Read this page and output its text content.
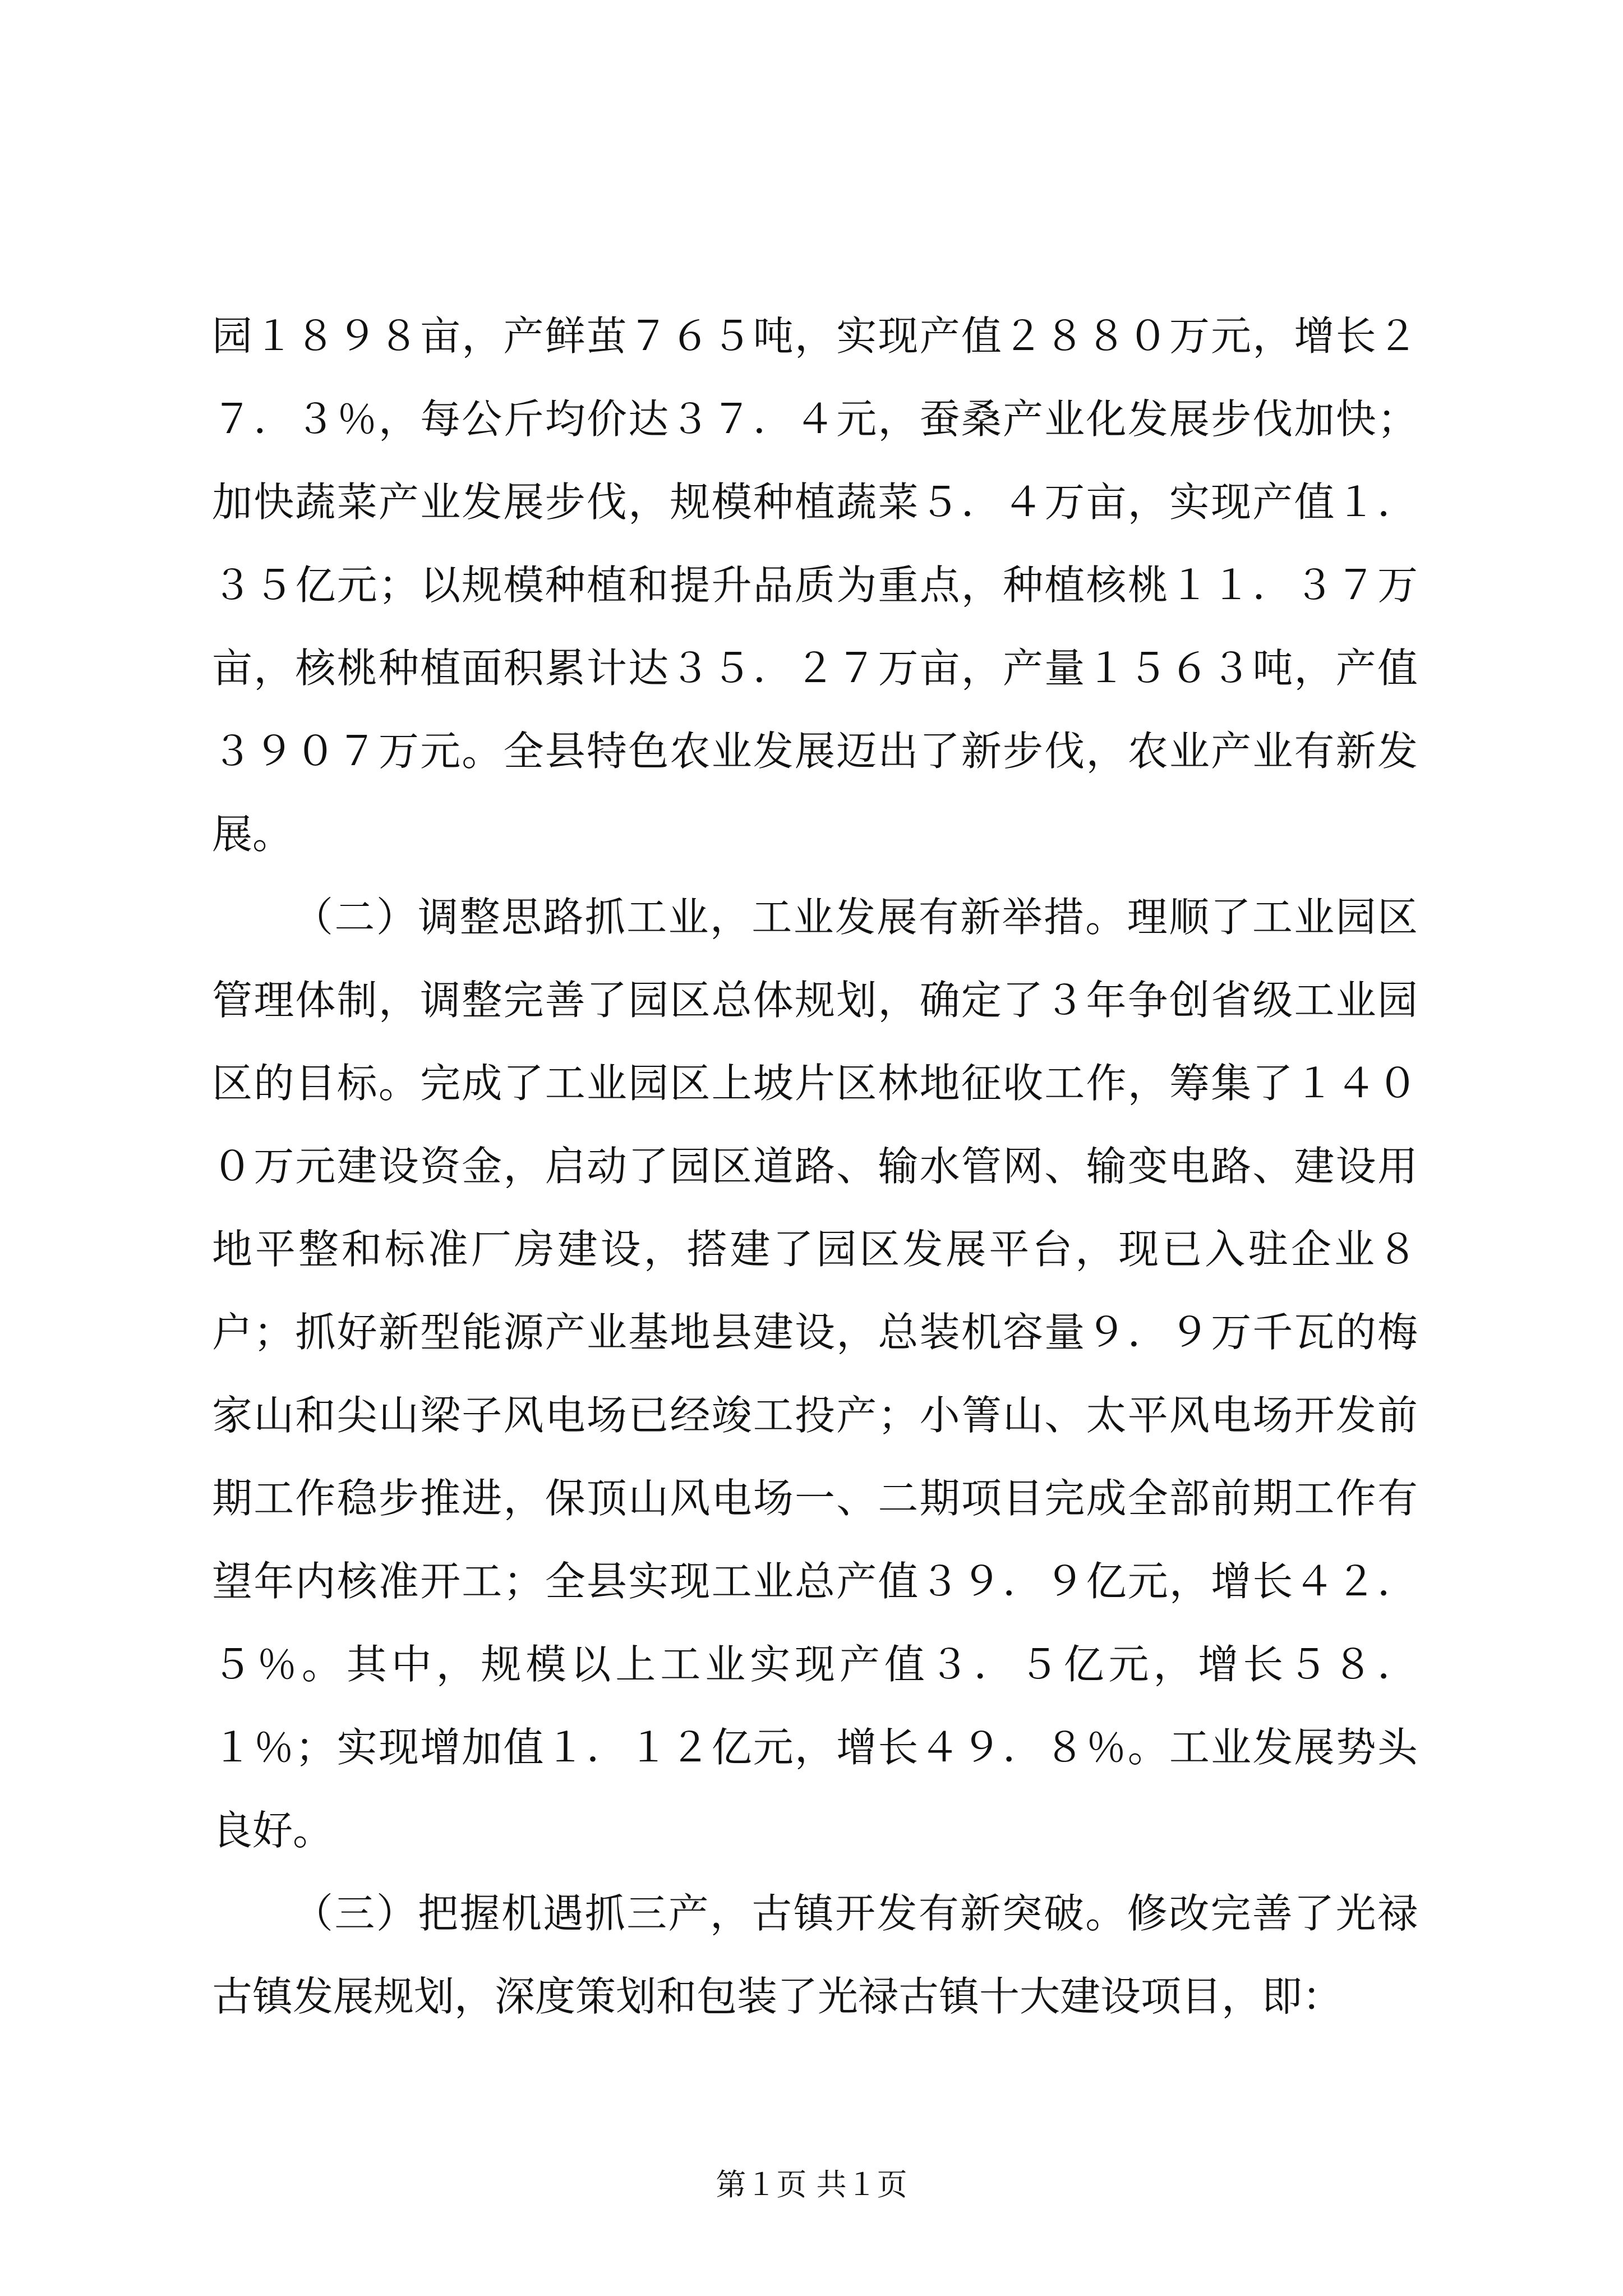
园１８９８亩，产鲜茧７６５吨，实现产值２８８０万元，增长２７．３％，每公斤均价达３７．４元，蚕桑产业化发展步伐加快；加快蔬菜产业发展步伐，规模种植蔬菜５．４万亩，实现产值１．３５亿元；以规模种植和提升品质为重点，种植核桃１１．３７万亩，核桃种植面积累计达３５．２７万亩，产量１５６３吨，产值３９０７万元。全县特色农业发展迈出了新步伐，农业产业有新发展。

（二）调整思路抓工业，工业发展有新举措。理顺了工业园区管理体制，调整完善了园区总体规划，确定了３年争创省级工业园区的目标。完成了工业园区上坡片区林地征收工作，筹集了１４００万元建设资金，启动了园区道路、输水管网、输变电路、建设用地平整和标准厂房建设，搭建了园区发展平台，现已入驻企业８户；抓好新型能源产业基地县建设，总装机容量９．９万千瓦的梅家山和尖山梁子风电场已经竣工投产；小箐山、太平风电场开发前期工作稳步推进，保顶山风电场一、二期项目完成全部前期工作有望年内核准开工；全县实现工业总产值３９．９亿元，增长４２．５％。其中，规模以上工业实现产值３．５亿元，增长５８．１％；实现增加值１．１２亿元，增长４９．８％。工业发展势头良好。

（三）把握机遇抓三产，古镇开发有新突破。修改完善了光禄古镇发展规划，深度策划和包装了光禄古镇十大建设项目，即：

第１页 共１页
